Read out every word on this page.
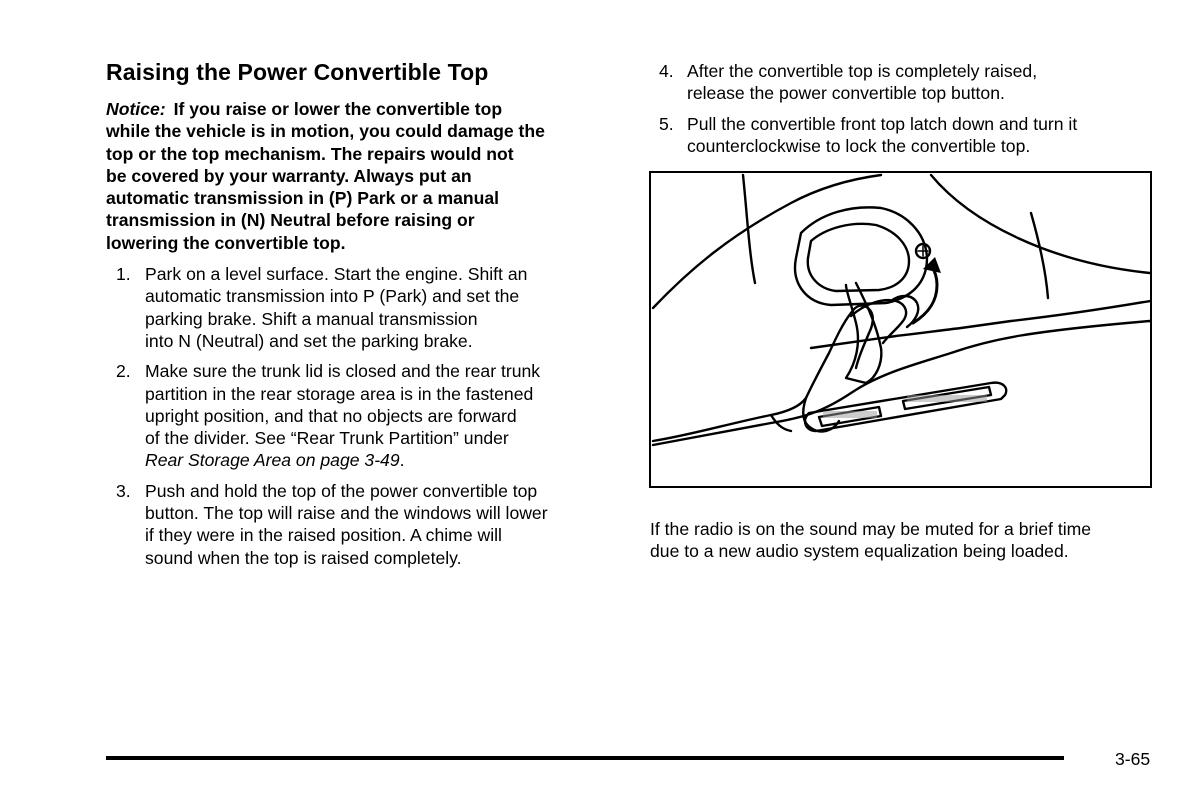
Raising the Power Convertible Top

Notice: If you raise or lower the convertible top
while the vehicle is in motion, you could damage the
top or the top mechanism. The repairs would not
be covered by your warranty. Always put an
automatic transmission in (P) Park or a manual
transmission in (N) Neutral before raising or
lowering the convertible top.

1. Park on a level surface. Start the engine. Shift an
automatic transmission into P (Park) and set the
parking brake. Shift a manual transmission
into N (Neutral) and set the parking brake.
2. Make sure the trunk lid is closed and the rear trunk
partition in the rear storage area is in the fastened
upright position, and that no objects are forward
of the divider. See “Rear Trunk Partition” under
Rear Storage Area on page 3-49.
3. Push and hold the top of the power convertible top
button. The top will raise and the windows will lower
if they were in the raised position. A chime will
sound when the top is raised completely.
4. After the convertible top is completely raised,
release the power convertible top button.
5. Pull the convertible front top latch down and turn it
counterclockwise to lock the convertible top.

If the radio is on the sound may be muted for a brief time
due to a new audio system equalization being loaded.

3-65
